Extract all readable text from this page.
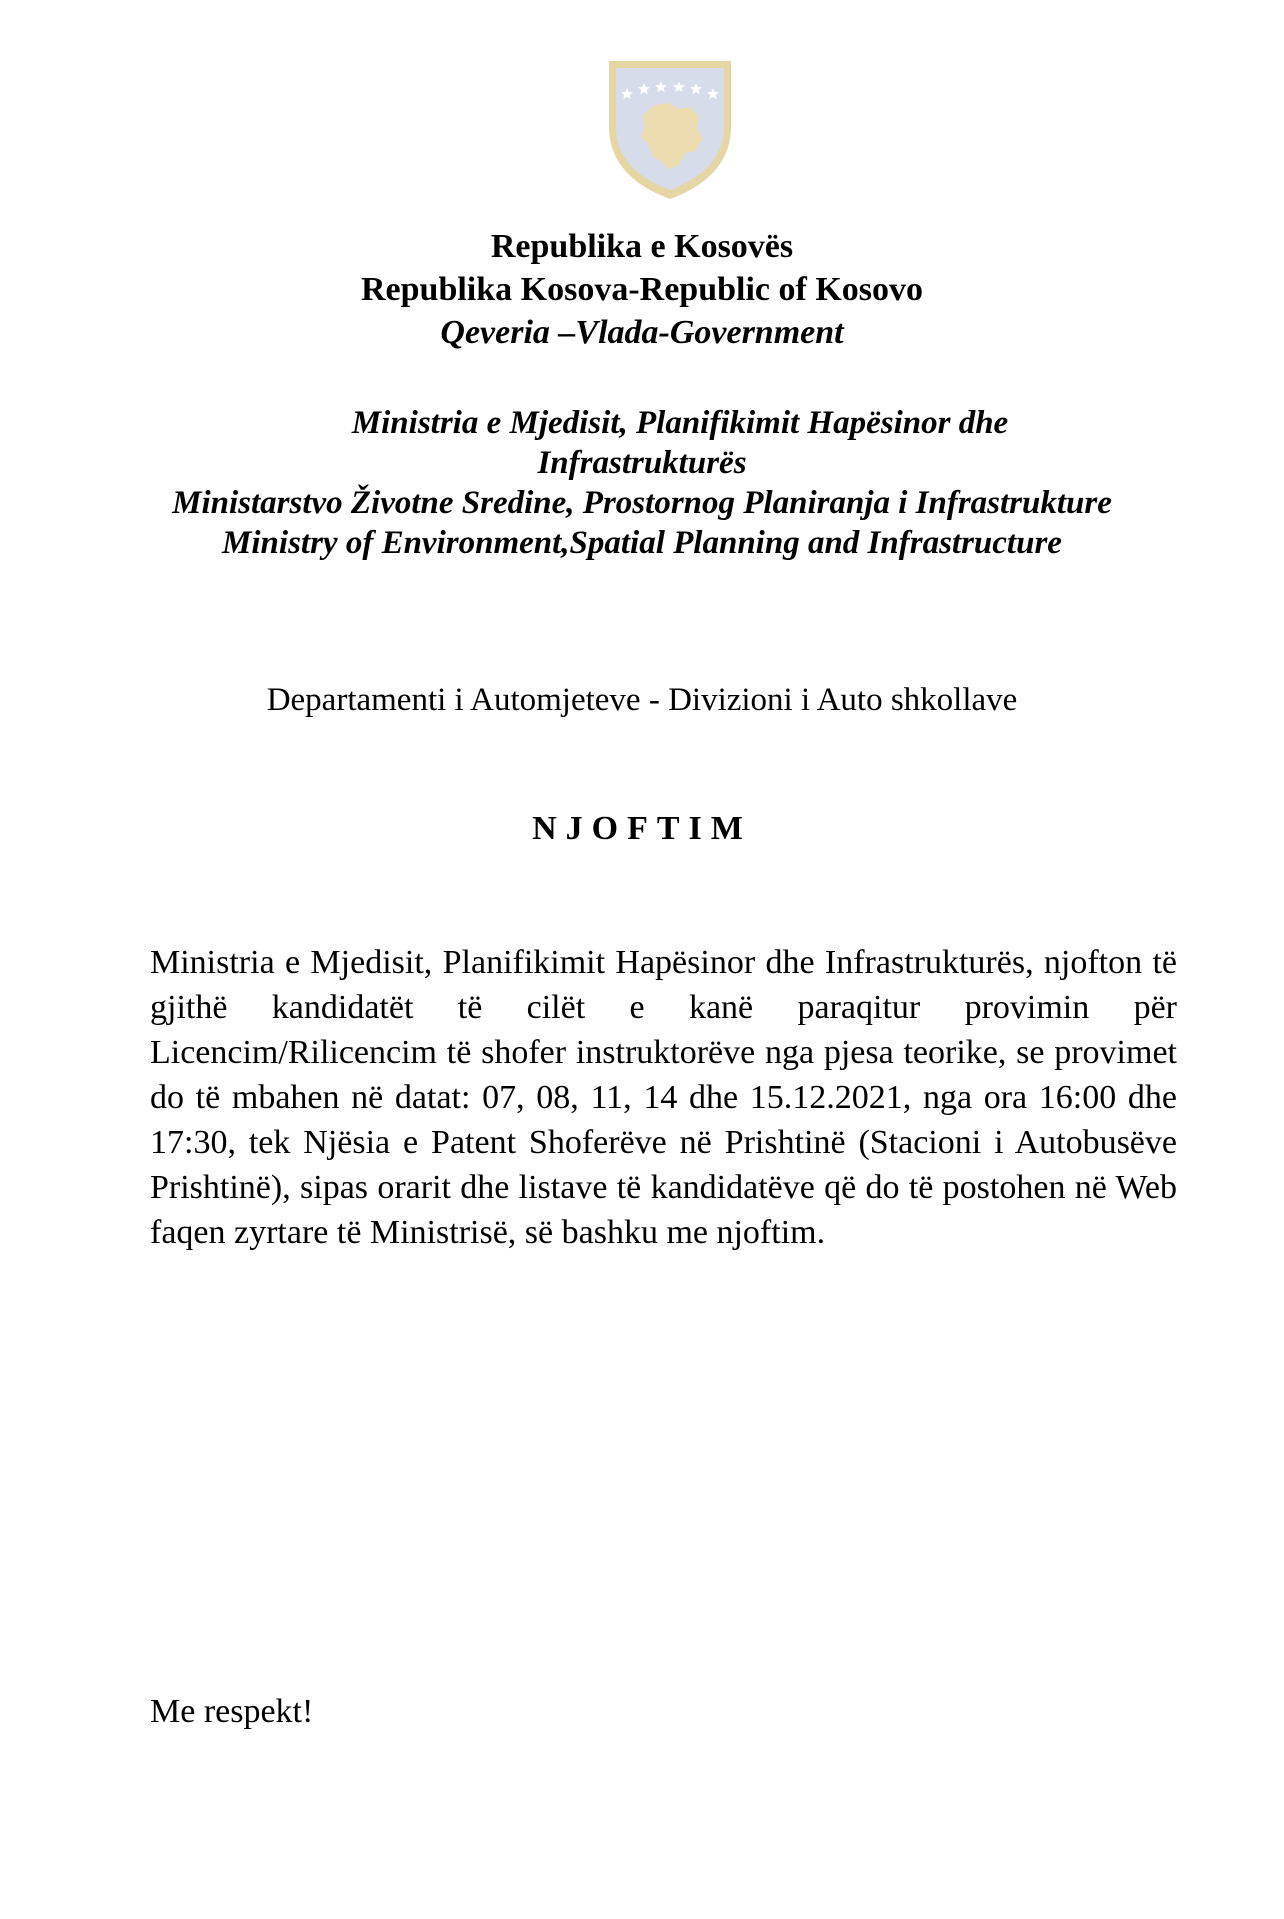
Republika e Kosovës

Republika Kosova-Republic of Kosovo

Qeveria –Vlada-Government

Ministria e Mjedisit, Planifikimit Hapësinor dhe

Infrastrukturës

Ministarstvo Životne Sredine, Prostornog Planiranja i Infrastrukture

Ministry of Environment,Spatial Planning and Infrastructure

Departamenti i Automjeteve - Divizioni i Auto shkollave

NJOFTIM

Ministria e Mjedisit, Planifikimit Hapësinor dhe Infrastrukturës, njofton të gjithë kandidatët të cilët e kanë paraqitur provimin për Licencim/Rilicencim të shofer instruktorëve nga pjesa teorike, se provimet do të mbahen në datat: 07, 08, 11, 14 dhe 15.12.2021, nga ora 16:00 dhe 17:30, tek Njësia e Patent Shoferëve në Prishtinë (Stacioni i Autobusëve Prishtinë), sipas orarit dhe listave të kandidatëve që do të postohen në Web faqen zyrtare të Ministrisë, së bashku me njoftim.

Me respekt!
